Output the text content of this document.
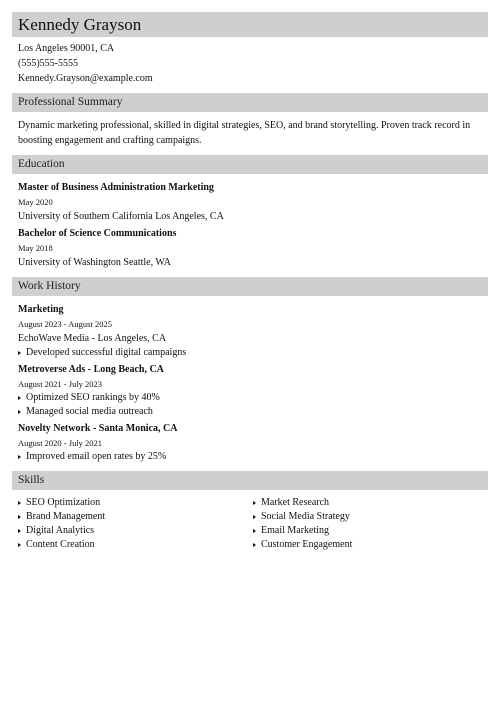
Kennedy Grayson
Los Angeles 90001, CA
(555)555-5555
Kennedy.Grayson@example.com
Professional Summary
Dynamic marketing professional, skilled in digital strategies, SEO, and brand storytelling. Proven track record in boosting engagement and crafting campaigns.
Education
Master of Business Administration Marketing
May 2020
University of Southern California Los Angeles, CA
Bachelor of Science Communications
May 2018
University of Washington Seattle, WA
Work History
Marketing
August 2023 - August 2025
EchoWave Media - Los Angeles, CA
Developed successful digital campaigns
Metroverse Ads - Long Beach, CA
August 2021 - July 2023
Optimized SEO rankings by 40%
Managed social media outreach
Novelty Network - Santa Monica, CA
August 2020 - July 2021
Improved email open rates by 25%
Skills
SEO Optimization
Brand Management
Digital Analytics
Content Creation
Market Research
Social Media Strategy
Email Marketing
Customer Engagement
